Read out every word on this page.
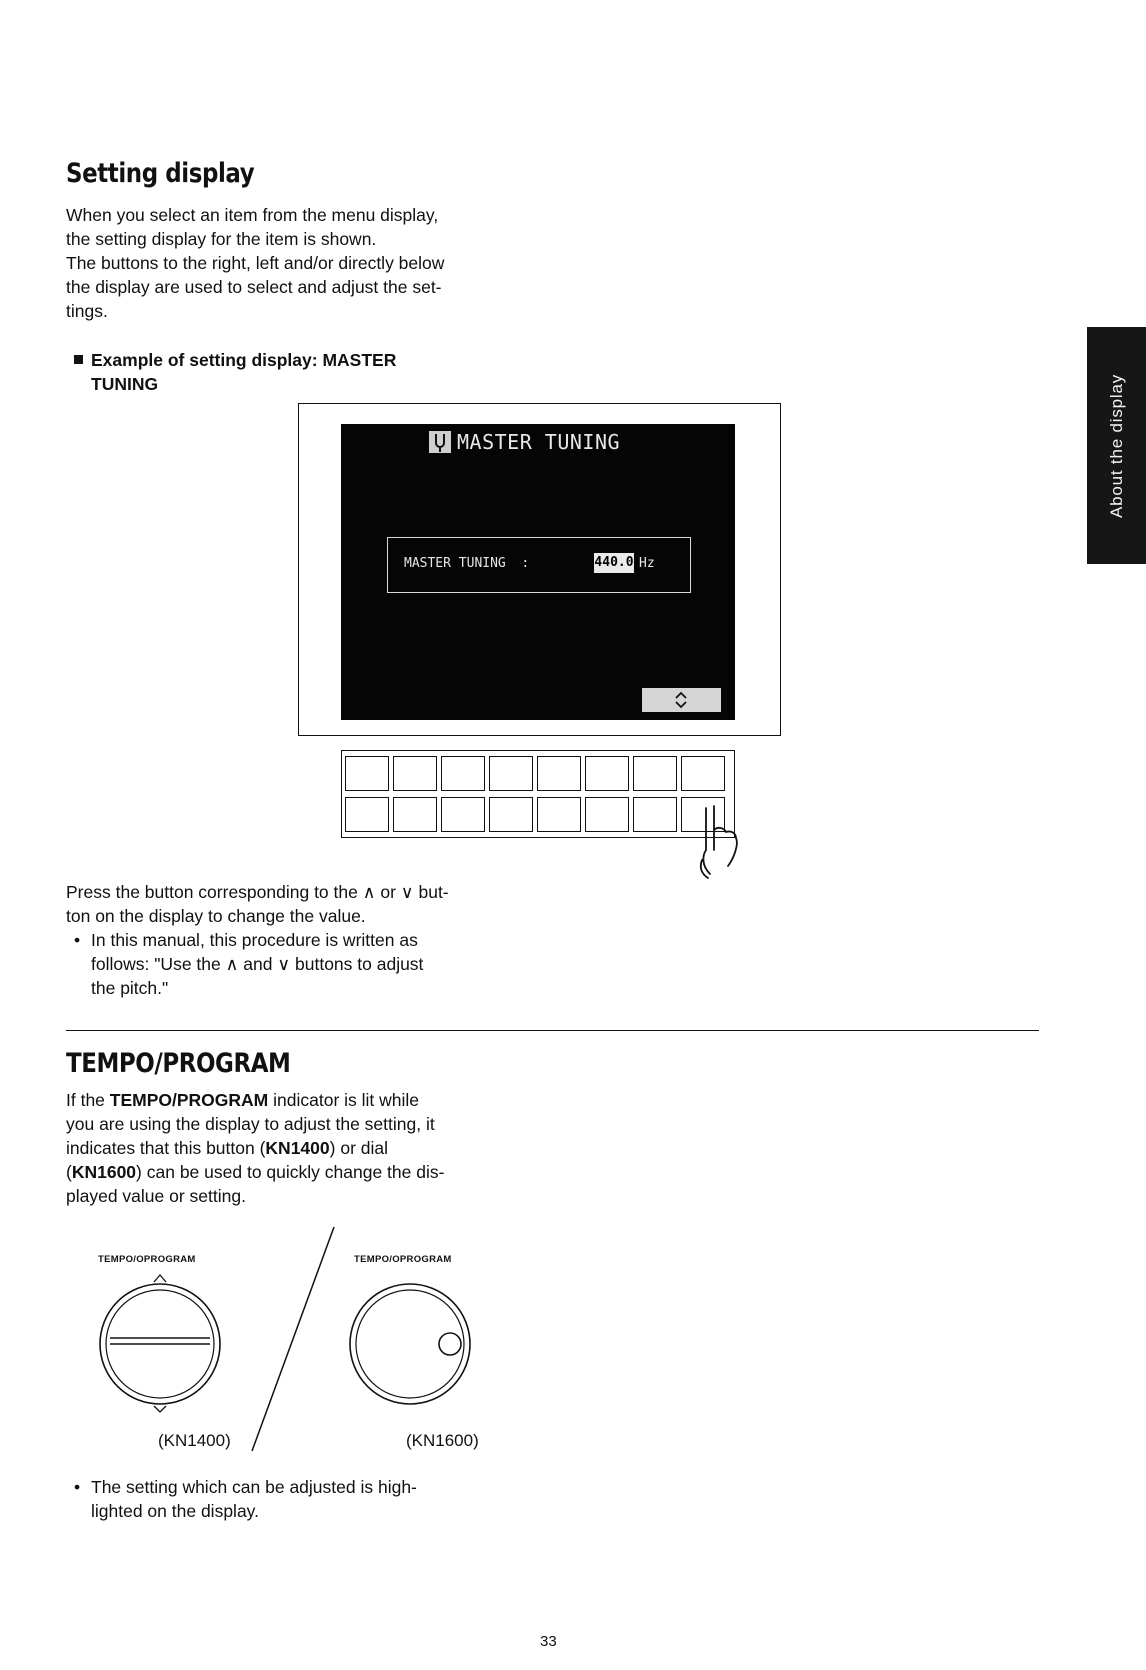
Setting display
When you select an item from the menu display,
the setting display for the item is shown.
The buttons to the right, left and/or directly below
the display are used to select and adjust the set-
tings.
Example of setting display: MASTER
TUNING
MASTER TUNING
MASTER TUNING  :	440.0 Hz
Press the button corresponding to the ∧ or ∨ but-
ton on the display to change the value.
• In this manual, this procedure is written as
follows: "Use the ∧ and ∨ buttons to adjust
the pitch."
TEMPO/PROGRAM
If the TEMPO/PROGRAM indicator is lit while
you are using the display to adjust the setting, it
indicates that this button (KN1400) or dial
(KN1600) can be used to quickly change the dis-
played value or setting.
TEMPO/OPROGRAM
(KN1400)
TEMPO/OPROGRAM
(KN1600)
• The setting which can be adjusted is high-
lighted on the display.
About the display
33
